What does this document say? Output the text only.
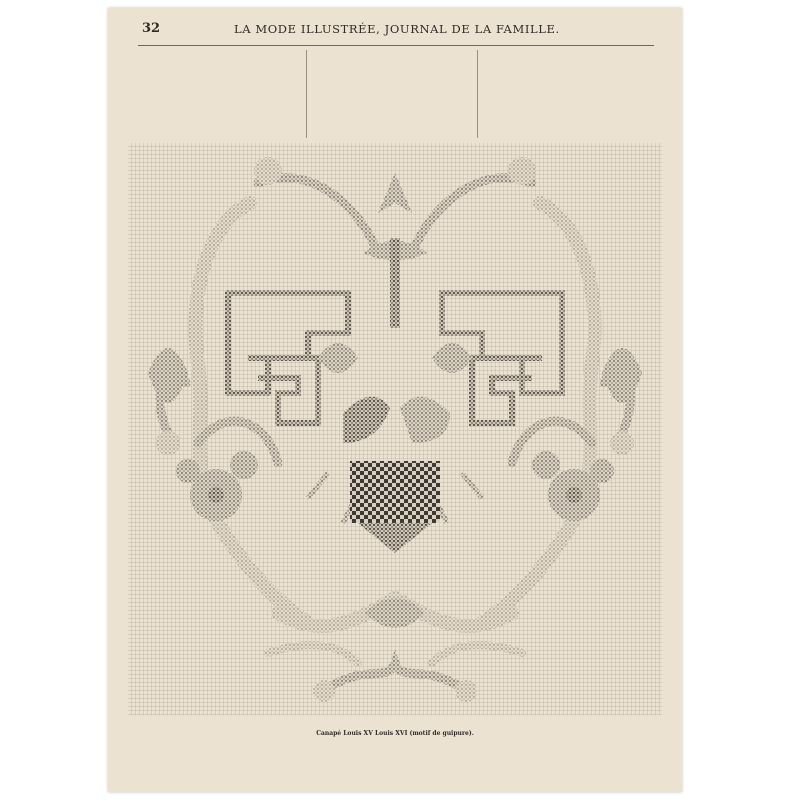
32	LA MODE ILLUSTRÉE, JOURNAL DE LA FAMILLE.
Canapé Louis XV Louis XVI (motif de guipure).
